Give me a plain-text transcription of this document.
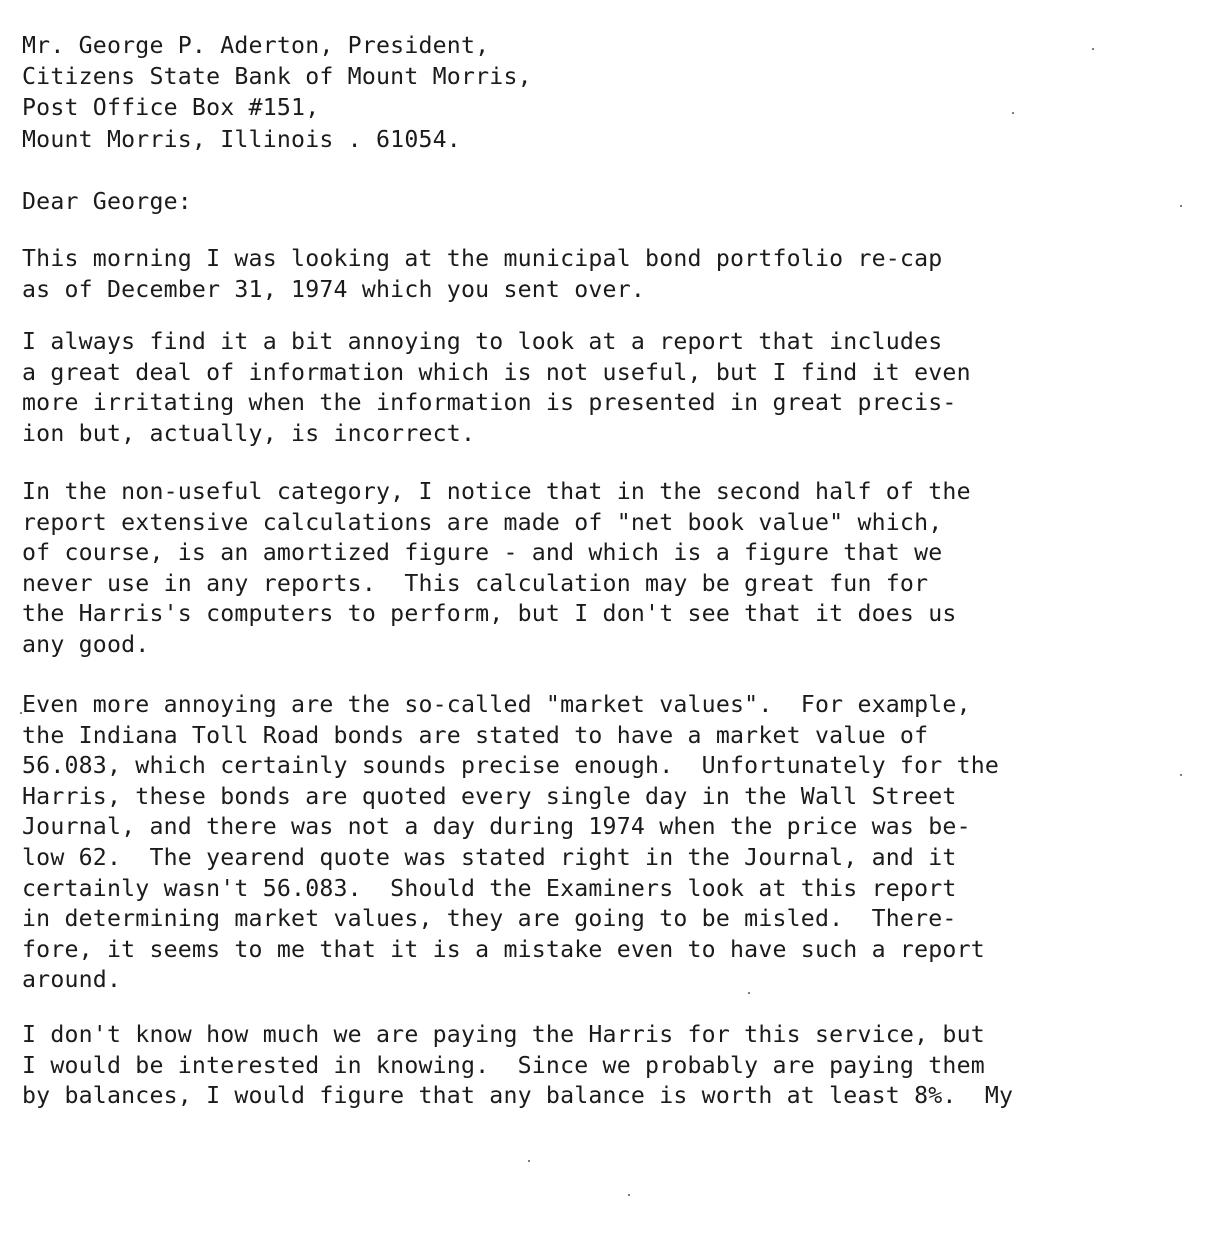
Mr. George P. Aderton, President,
Citizens State Bank of Mount Morris,
Post Office Box #151,
Mount Morris, Illinois . 61054.
Dear George:
This morning I was looking at the municipal bond portfolio re-cap
as of December 31, 1974 which you sent over.
I always find it a bit annoying to look at a report that includes
a great deal of information which is not useful, but I find it even
more irritating when the information is presented in great precis-
ion but, actually, is incorrect.
In the non-useful category, I notice that in the second half of the
report extensive calculations are made of "net book value" which,
of course, is an amortized figure - and which is a figure that we
never use in any reports.  This calculation may be great fun for
the Harris's computers to perform, but I don't see that it does us
any good.
Even more annoying are the so-called "market values".  For example,
the Indiana Toll Road bonds are stated to have a market value of
56.083, which certainly sounds precise enough.  Unfortunately for the
Harris, these bonds are quoted every single day in the Wall Street
Journal, and there was not a day during 1974 when the price was be-
low 62.  The yearend quote was stated right in the Journal, and it
certainly wasn't 56.083.  Should the Examiners look at this report
in determining market values, they are going to be misled.  There-
fore, it seems to me that it is a mistake even to have such a report
around.
I don't know how much we are paying the Harris for this service, but
I would be interested in knowing.  Since we probably are paying them
by balances, I would figure that any balance is worth at least 8%.  My
